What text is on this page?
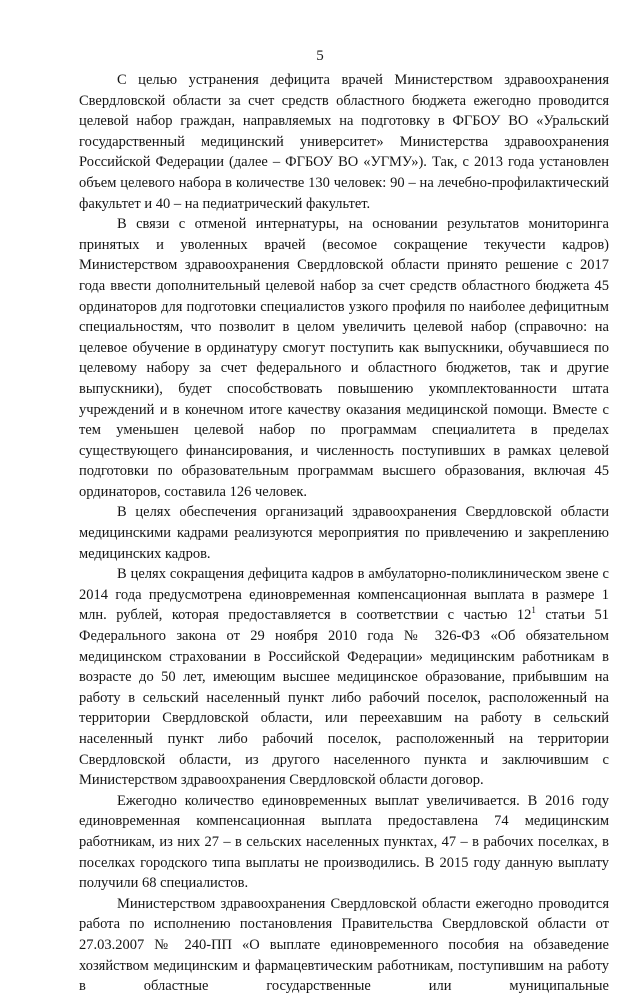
5

С целью устранения дефицита врачей Министерством здравоохранения Свердловской области за счет средств областного бюджета ежегодно проводится целевой набор граждан, направляемых на подготовку в ФГБОУ ВО «Уральский государственный медицинский университет» Министерства здравоохранения Российской Федерации (далее – ФГБОУ ВО «УГМУ»). Так, с 2013 года установлен объем целевого набора в количестве 130 человек: 90 – на лечебно-профилактический факультет и 40 – на педиатрический факультет.

В связи с отменой интернатуры, на основании результатов мониторинга принятых и уволенных врачей (весомое сокращение текучести кадров) Министерством здравоохранения Свердловской области принято решение с 2017 года ввести дополнительный целевой набор за счет средств областного бюджета 45 ординаторов для подготовки специалистов узкого профиля по наиболее дефицитным специальностям, что позволит в целом увеличить целевой набор (справочно: на целевое обучение в ординатуру смогут поступить как выпускники, обучавшиеся по целевому набору за счет федерального и областного бюджетов, так и другие выпускники), будет способствовать повышению укомплектованности штата учреждений и в конечном итоге качеству оказания медицинской помощи. Вместе с тем уменьшен целевой набор по программам специалитета в пределах существующего финансирования, и численность поступивших в рамках целевой подготовки по образовательным программам высшего образования, включая 45 ординаторов, составила 126 человек.

В целях обеспечения организаций здравоохранения Свердловской области медицинскими кадрами реализуются мероприятия по привлечению и закреплению медицинских кадров.

В целях сокращения дефицита кадров в амбулаторно-поликлиническом звене с 2014 года предусмотрена единовременная компенсационная выплата в размере 1 млн. рублей, которая предоставляется в соответствии с частью $12^1$ статьи 51 Федерального закона от 29 ноября 2010 года № 326-ФЗ «Об обязательном медицинском страховании в Российской Федерации» медицинским работникам в возрасте до 50 лет, имеющим высшее медицинское образование, прибывшим на работу в сельский населенный пункт либо рабочий поселок, расположенный на территории Свердловской области, или переехавшим на работу в сельский населенный пункт либо рабочий поселок, расположенный на территории Свердловской области, из другого населенного пункта и заключившим с Министерством здравоохранения Свердловской области договор.

Ежегодно количество единовременных выплат увеличивается. В 2016 году единовременная компенсационная выплата предоставлена 74 медицинским работникам, из них 27 – в сельских населенных пунктах, 47 – в рабочих поселках, в поселках городского типа выплаты не производились. В 2015 году данную выплату получили 68 специалистов.

Министерством здравоохранения Свердловской области ежегодно проводится работа по исполнению постановления Правительства Свердловской области от 27.03.2007 № 240-ПП «О выплате единовременного пособия на обзаведение хозяйством медицинским и фармацевтическим работникам, поступившим на работу в областные государственные или муниципальные
